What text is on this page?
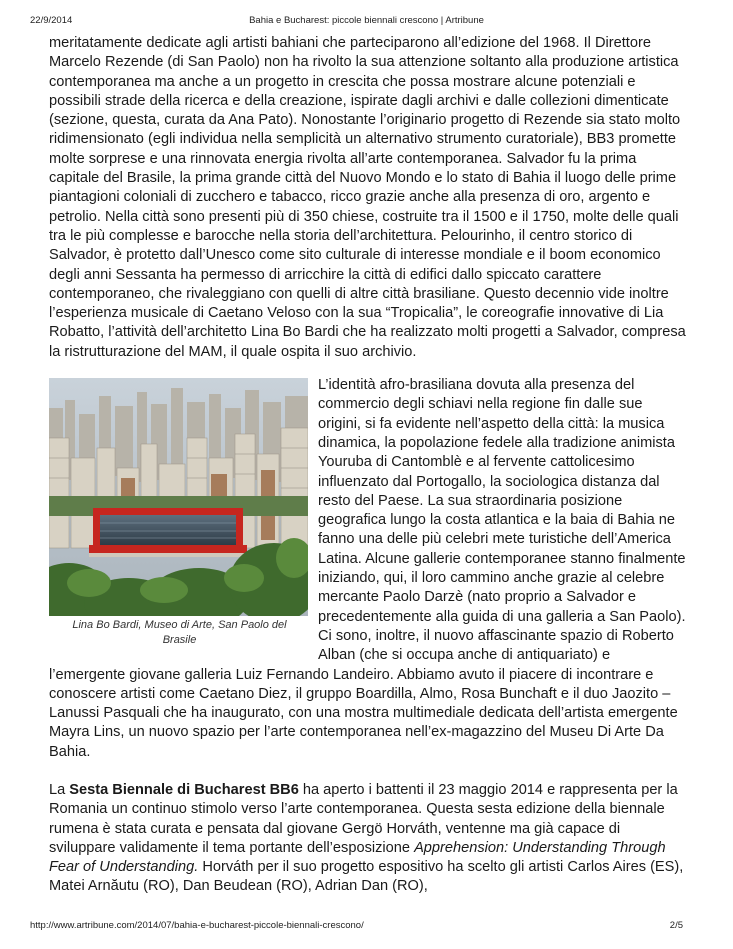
22/9/2014	Bahia e Bucharest: piccole biennali crescono | Artribune

meritatamente dedicate agli artisti bahiani che parteciparono all’edizione del 1968. Il Direttore Marcelo Rezende (di San Paolo) non ha rivolto la sua attenzione soltanto alla produzione artistica contemporanea ma anche a un progetto in crescita che possa mostrare alcune potenziali e possibili strade della ricerca e della creazione, ispirate dagli archivi e dalle collezioni dimenticate (sezione, questa, curata da Ana Pato). Nonostante l’originario progetto di Rezende sia stato molto ridimensionato (egli individua nella semplicità un alternativo strumento curatoriale), BB3 promette molte sorprese e una rinnovata energia rivolta all’arte contemporanea. Salvador fu la prima capitale del Brasile, la prima grande città del Nuovo Mondo e lo stato di Bahia il luogo delle prime piantagioni coloniali di zucchero e tabacco, ricco grazie anche alla presenza di oro, argento e petrolio. Nella città sono presenti più di 350 chiese, costruite tra il 1500 e il 1750, molte delle quali tra le più complesse e barocche nella storia dell’architettura. Pelourinho, il centro storico di Salvador, è protetto dall’Unesco come sito culturale di interesse mondiale e il boom economico degli anni Sessanta ha permesso di arricchire la città di edifici dallo spiccato carattere contemporaneo, che rivaleggiano con quelli di altre città brasiliane. Questo decennio vide inoltre l’esperienza musicale di Caetano Veloso con la sua “Tropicalia”, le coreografie innovative di Lia Robatto, l’attività dell’architetto Lina Bo Bardi che ha realizzato molti progetti a Salvador, compresa la ristrutturazione del MAM, il quale ospita il suo archivio.

Lina Bo Bardi, Museo di Arte, San Paolo del Brasile

L’identità afro-brasiliana dovuta alla presenza del commercio degli schiavi nella regione fin dalle sue origini, si fa evidente nell’aspetto della città: la musica dinamica, la popolazione fedele alla tradizione animista Youruba di Cantomblè e al fervente cattolicesimo influenzato dal Portogallo, la sociologica distanza dal resto del Paese. La sua straordinaria posizione geografica lungo la costa atlantica e la baia di Bahia ne fanno una delle più celebri mete turistiche dell’America Latina. Alcune gallerie contemporanee stanno finalmente iniziando, qui, il loro cammino anche grazie al celebre mercante Paolo Darzè (nato proprio a Salvador e precedentemente alla guida di una galleria a San Paolo). Ci sono, inoltre, il nuovo affascinante spazio di Roberto Alban (che si occupa anche di antiquariato) e l’emergente giovane galleria Luiz Fernando Landeiro. Abbiamo avuto il piacere di incontrare e conoscere artisti come Caetano Diez, il gruppo Boardilla, Almo, Rosa Bunchaft e il duo Jaozito – Lanussi Pasquali che ha inaugurato, con una mostra multimediale dedicata dell’artista emergente Mayra Lins, un nuovo spazio per l’arte contemporanea nell’ex-magazzino del Museu Di Arte Da Bahia.

La Sesta Biennale di Bucharest BB6 ha aperto i battenti il 23 maggio 2014 e rappresenta per la Romania un continuo stimolo verso l’arte contemporanea. Questa sesta edizione della biennale rumena è stata curata e pensata dal giovane Gergö Horváth, ventenne ma già capace di sviluppare validamente il tema portante dell’esposizione Apprehension: Understanding Through Fear of Understanding. Horváth per il suo progetto espositivo ha scelto gli artisti Carlos Aires (ES), Matei Arnăutu (RO), Dan Beudean (RO), Adrian Dan (RO),

http://www.artribune.com/2014/07/bahia-e-bucharest-piccole-biennali-crescono/	2/5
